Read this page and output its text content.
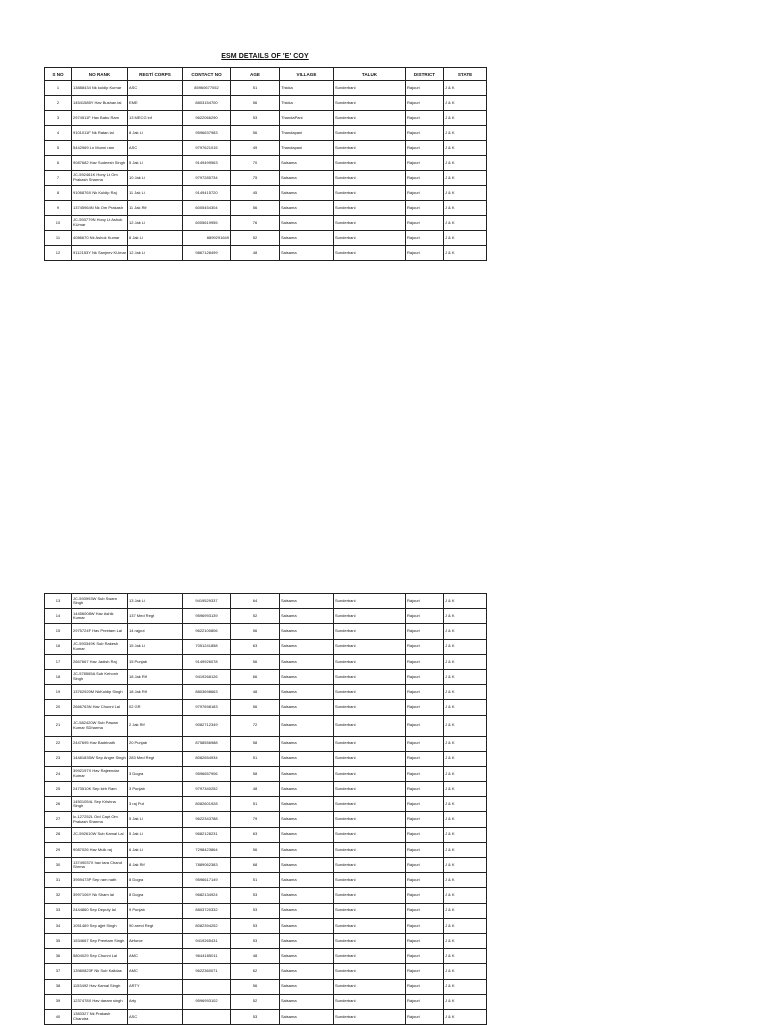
ESM DETAILS OF 'E' COY
S NO	NO RANK	REGT/ CORPS	CONTACT NO	AGE	VILLAGE	TALUK	DISTRICT	STATE
1	13888434 Nk kuldip Kumar	ASC	85960677052	51	Thicka	Sunderbani	Rajouri	J & K
2	14541585Y Hav Bushan lal	EME	8803154700	56	Thicka	Sunderbani	Rajouri	J & K
3	2974511F Hav Babu Ram	13 MECG inf	9622066290	53	ThandaPani	Sunderbani	Rajouri	J & K
4	9101011F Nk Ratan lal	8 Jak Li	9596637983	56	Thandapani	Sunderbani	Rajouri	J & K
5	5442969 Ln Munni ram	ASC	9797621015	49	Thandapani	Sunderbani	Rajouri	J & K
6	9087682 Hav Sudeesh Singh	5 Jak Li	9149499563	70	Salsama	Sunderbani	Rajouri	J & K
7	JC-592461K Hony Lt Om Prakash Sharma	10 Jak Li	9797285734	75	Salsama	Sunderbani	Rajouri	J & K
8	9106876X Nk Kuldip Raj	11 Jak Li	9149415720	45	Salsama	Sunderbani	Rajouri	J & K
9	13745964N Nk Om Prakash	11 Jak Rif	6005454304	56	Salsama	Sunderbani	Rajouri	J & K
10	JC-593779N Hony Lt Ashok KUmar	12 Jak Li	6005619955	76	Salsama	Sunderbani	Rajouri	J & K
11	4086670 Nk Ashok Kumar	8 Jak Li	8899291649	52	Salsama	Sunderbani	Rajouri	J & K
12	9112153Y Nk Sanjeev KUmar	12 Jak Li	9867128499	48	Salsama	Sunderbani	Rajouri	J & K
13	JC-593993W Sub Swarn Singh	13 Jak Li	9419529337	64	Salsama	Sunderbani	Rajouri	J & K
14	14456008W Hav Ashik Kumar	137 Med Regt	9596993139	52	Salsama	Sunderbani	Rajouri	J & K
15	2975724F Hav Preetam Lal	14 rajput	9622100806	56	Salsama	Sunderbani	Rajouri	J & K
16	JC-593349K Sub Rakesh Kumar	15 Jak Li	7051241858	63	Salsama	Sunderbani	Rajouri	J & K
17	2667667 Hav Jadish Raj	15 Punjab	9149926078	56	Salsama	Sunderbani	Rajouri	J & K
18	JC-578565A Sub Kehonir Singh	18 Jak Rif	9419268126	66	Salsama	Sunderbani	Rajouri	J & K
19	13762920M NkKuldip Singh	18 Jak Rif	8803698663	48	Salsama	Sunderbani	Rajouri	J & K
20	2666763N Hav Chunni Lal	02 GR	9797698183	56	Salsama	Sunderbani	Rajouri	J & K
21	JC-582420W Sub Pawan Kumar SDharma	2 Jak Rif	9082712349	72	Salsama	Sunderbani	Rajouri	J & K
22	2447695 Hav Badrinath	20 Punjab	8758556988	58	Salsama	Sunderbani	Rajouri	J & K
23	14481835W Sep Angre Singh	283 Med Regt	8082654934	51	Salsama	Sunderbani	Rajouri	J & K
24	3992197X Hav Rajeendar Kumar	3 Dogra	9596657906	58	Salsama	Sunderbani	Rajouri	J & K
25	2473510K Sep kirh Ram	3 Punjab	9797340252	48	Salsama	Sunderbani	Rajouri	J & K
26	14501054L Sep Krishna Singh	3 raj Put	8082601928	51	Salsama	Sunderbani	Rajouri	J & K
27	Ic-127252L Ord Capt Om Prakash Sharma	5 Jak Li	9622343788	79	Salsama	Sunderbani	Rajouri	J & K
28	JC-592610W Sub Kamal Lal	5 Jak Li	9682128231	63	Salsama	Sunderbani	Rajouri	J & K
29	9087026 Hav Mulk raj	6 Jak Li	7298423864	56	Salsama	Sunderbani	Rajouri	J & K
30	13749037X hav tara Chand Shrma	8 Jak Rif	7889062383	68	Salsama	Sunderbani	Rajouri	J & K
31	3959473P Sep ram nath	8 Dogra	9596617149	51	Salsama	Sunderbani	Rajouri	J & K
32	3997106Y Nk Sham lal	8 Dogra	9682134924	53	Salsama	Sunderbani	Rajouri	J & K
33	2444860 Sep Deputy lal	9 Punjab	8803720332	53	Salsama	Sunderbani	Rajouri	J & K
34	1051469 Sep ajjet Singh	90 armd Regt	8082394252	53	Salsama	Sunderbani	Rajouri	J & K
35	1534667 Sep Preetam Singh	Airforce	9419265431	53	Salsama	Sunderbani	Rajouri	J & K
36	5804029 Sep Chunni Lal	AMC	9644185011	48	Salsama	Sunderbani	Rajouri	J & K
37	13980823F Nk Sub Kalidas	AMC	9622360071	62	Salsama	Sunderbani	Rajouri	J & K
38	1153492 Hav Kamal Singh	ARTY		56	Salsama	Sunderbani	Rajouri	J & K
39	1237478X Hav daram singh	Arty	9596993102	52	Salsama	Sunderbani	Rajouri	J & K
40	1383327 Nk Prakash Chandra	ASC		53	Salsama	Sunderbani	Rajouri	J & K
